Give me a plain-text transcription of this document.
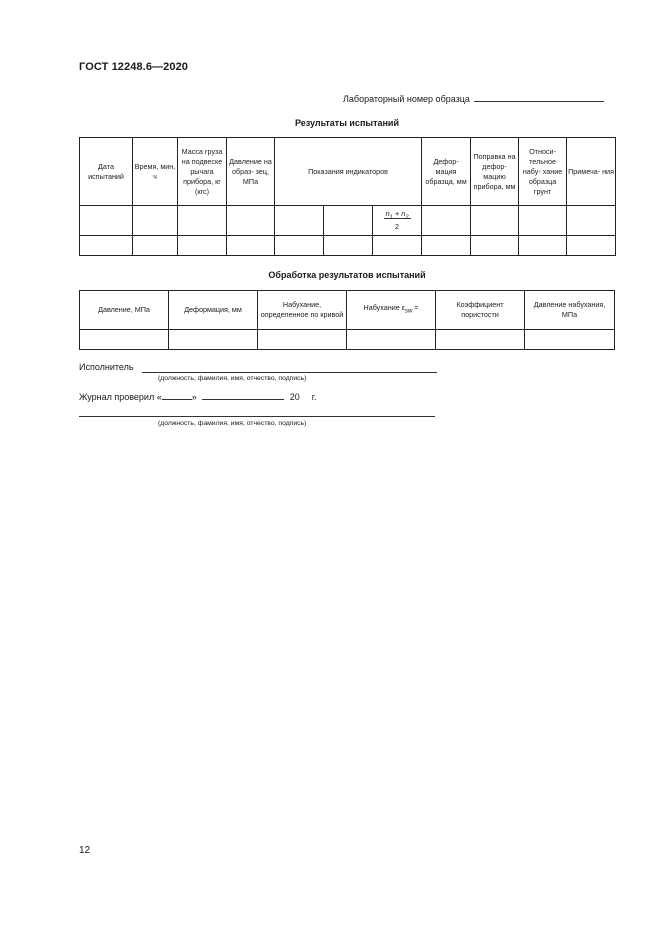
ГОСТ 12248.6—2020
Лабораторный номер образца
Результаты испытаний
Дата испытаний	Время, мин, ч	Масса груза на подвеске рычага прибора, кг (кгс)	Давление на образ- зец, МПа	Показания индикаторов			Дефор- мация образца, мм	Поправка на дефор- мацию прибора, мм	Относи- тельное набу- хание образца грунт	Примеча- ния
						$\frac{n_1 + n_2}{2}$				

Обработка результатов испытаний
Давление, МПа	Деформация, мм	Набухание, определенное по кривой	Набухание $\varepsilon_{sw}$ =	Коэффициент пористости	Давление набухания, МПа

Исполнитель
(должность, фамилия, имя, отчество, подпись)
Журнал проверил «	»	20 г.
(должность, фамилия, имя, отчество, подпись)
12
